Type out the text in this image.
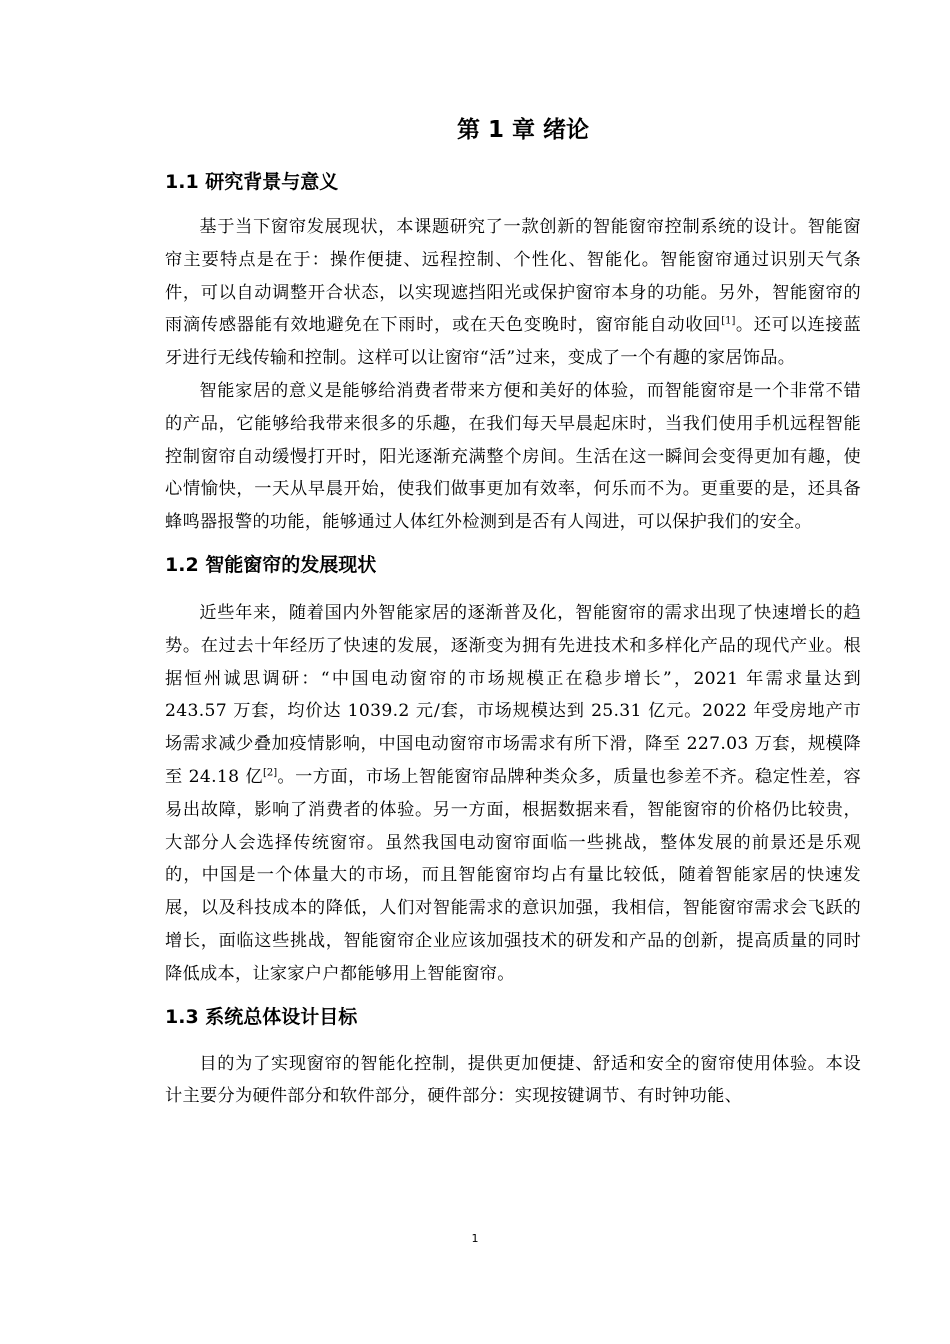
第 1 章 绪论
1.1 研究背景与意义

基于当下窗帘发展现状，本课题研究了一款创新的智能窗帘控制系统的设计。智能窗帘主要特点是在于：操作便捷、远程控制、个性化、智能化。智能窗帘通过识别天气条件，可以自动调整开合状态，以实现遮挡阳光或保护窗帘本身的功能。另外，智能窗帘的雨滴传感器能有效地避免在下雨时，或在天色变晚时，窗帘能自动收回[1]。还可以连接蓝牙进行无线传输和控制。这样可以让窗帘“活”过来，变成了一个有趣的家居饰品。

智能家居的意义是能够给消费者带来方便和美好的体验，而智能窗帘是一个非常不错的产品，它能够给我带来很多的乐趣，在我们每天早晨起床时，当我们使用手机远程智能控制窗帘自动缓慢打开时，阳光逐渐充满整个房间。生活在这一瞬间会变得更加有趣，使心情愉快，一天从早晨开始，使我们做事更加有效率，何乐而不为。更重要的是，还具备蜂鸣器报警的功能，能够通过人体红外检测到是否有人闯进，可以保护我们的安全。

1.2 智能窗帘的发展现状

近些年来，随着国内外智能家居的逐渐普及化，智能窗帘的需求出现了快速增长的趋势。在过去十年经历了快速的发展，逐渐变为拥有先进技术和多样化产品的现代产业。根据恒州诚思调研：“中国电动窗帘的市场规模正在稳步增长”，2021 年需求量达到 243.57 万套，均价达 1039.2 元/套，市场规模达到 25.31 亿元。2022 年受房地产市场需求减少叠加疫情影响，中国电动窗帘市场需求有所下滑，降至 227.03 万套，规模降至 24.18 亿[2]。一方面，市场上智能窗帘品牌种类众多，质量也参差不齐。稳定性差，容易出故障，影响了消费者的体验。另一方面，根据数据来看，智能窗帘的价格仍比较贵，大部分人会选择传统窗帘。虽然我国电动窗帘面临一些挑战，整体发展的前景还是乐观的，中国是一个体量大的市场，而且智能窗帘均占有量比较低，随着智能家居的快速发展，以及科技成本的降低，人们对智能需求的意识加强，我相信，智能窗帘需求会飞跃的增长，面临这些挑战，智能窗帘企业应该加强技术的研发和产品的创新，提高质量的同时降低成本，让家家户户都能够用上智能窗帘。

1.3 系统总体设计目标

目的为了实现窗帘的智能化控制，提供更加便捷、舒适和安全的窗帘使用体验。本设计主要分为硬件部分和软件部分，硬件部分：实现按键调节、有时钟功能、

1
